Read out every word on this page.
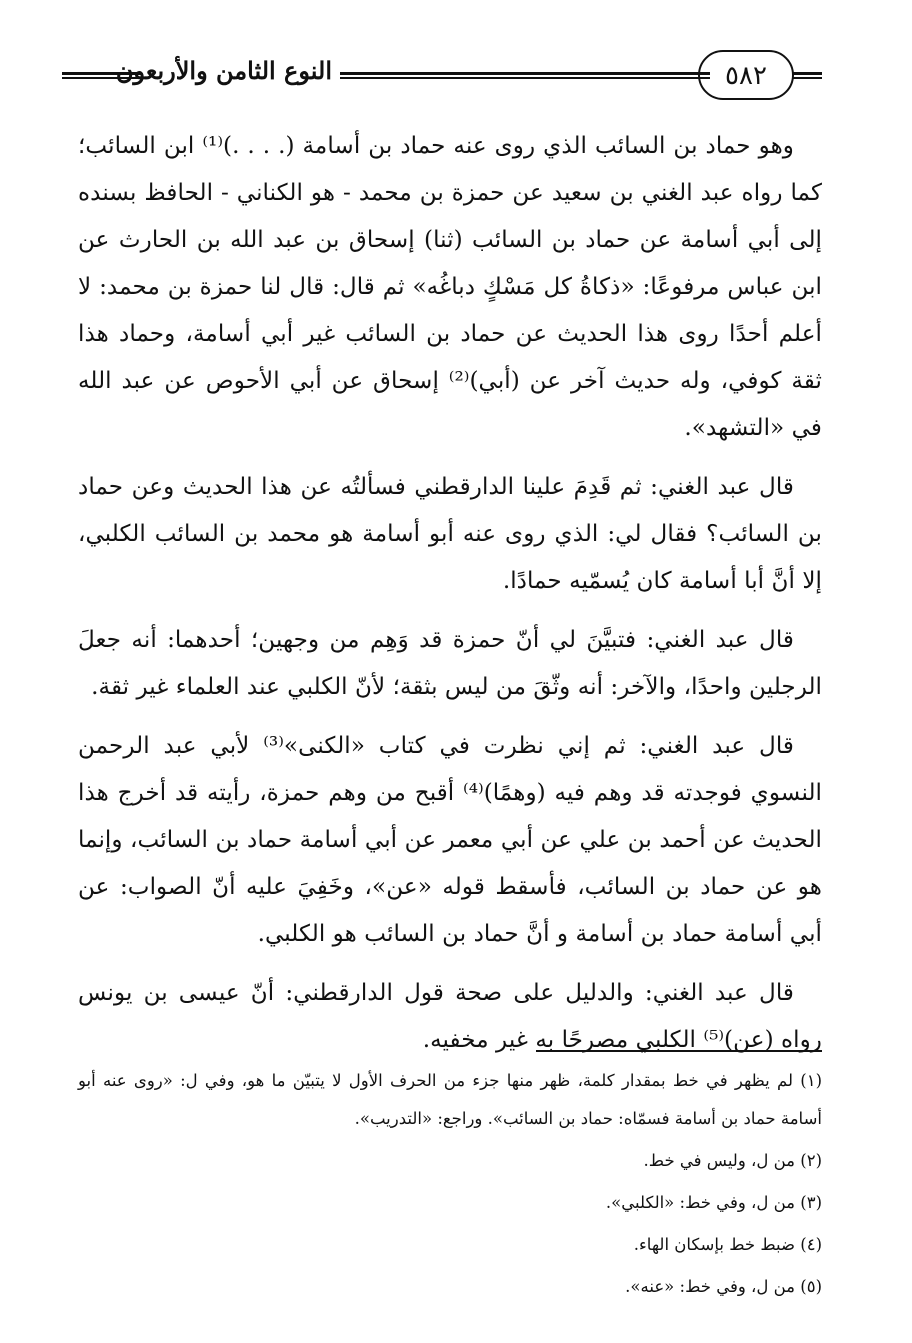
٥٨٢
النوع الثامن والأربعون

وهو حماد بن السائب الذي روى عنه حماد بن أسامة (. . . .)⁽¹⁾ ابن السائب؛ كما رواه عبد الغني بن سعيد عن حمزة بن محمد - هو الكناني - الحافظ بسنده إلى أبي أسامة عن حماد بن السائب (ثنا) إسحاق بن عبد الله بن الحارث عن ابن عباس مرفوعًا: «ذكاةُ كل مَسْكٍ دباغُه» ثم قال: قال لنا حمزة بن محمد: لا أعلم أحدًا روى هذا الحديث عن حماد بن السائب غير أبي أسامة، وحماد هذا ثقة كوفي، وله حديث آخر عن (أبي)⁽²⁾ إسحاق عن أبي الأحوص عن عبد الله في «التشهد».

قال عبد الغني: ثم قَدِمَ علينا الدارقطني فسألتُه عن هذا الحديث وعن حماد بن السائب؟ فقال لي: الذي روى عنه أبو أسامة هو محمد بن السائب الكلبي، إلا أنَّ أبا أسامة كان يُسمّيه حمادًا.

قال عبد الغني: فتبيَّنَ لي أنّ حمزة قد وَهِم من وجهين؛ أحدهما: أنه جعلَ الرجلين واحدًا، والآخر: أنه وثّقَ من ليس بثقة؛ لأنّ الكلبي عند العلماء غير ثقة.

قال عبد الغني: ثم إني نظرت في كتاب «الكنى»⁽³⁾ لأبي عبد الرحمن النسوي فوجدته قد وهم فيه (وهمًا)⁽⁴⁾ أقبح من وهم حمزة، رأيته قد أخرج هذا الحديث عن أحمد بن علي عن أبي معمر عن أبي أسامة حماد بن السائب، وإنما هو عن حماد بن السائب، فأسقط قوله «عن»، وخَفِيَ عليه أنّ الصواب: عن أبي أسامة حماد بن أسامة و أنَّ حماد بن السائب هو الكلبي.

قال عبد الغني: والدليل على صحة قول الدارقطني: أنّ عيسى بن يونس رواه (عن)⁽⁵⁾ الكلبي مصرحًا به غير مخفيه.

(١) لم يظهر في خط بمقدار كلمة، ظهر منها جزء من الحرف الأول لا يتبيّن ما هو، وفي ل: «روى عنه أبو أسامة حماد بن أسامة فسمّاه: حماد بن السائب». وراجع: «التدريب».
(٢) من ل، وليس في خط.
(٣) من ل، وفي خط: «الكلبي».
(٤) ضبط خط بإسكان الهاء.
(٥) من ل، وفي خط: «عنه».
